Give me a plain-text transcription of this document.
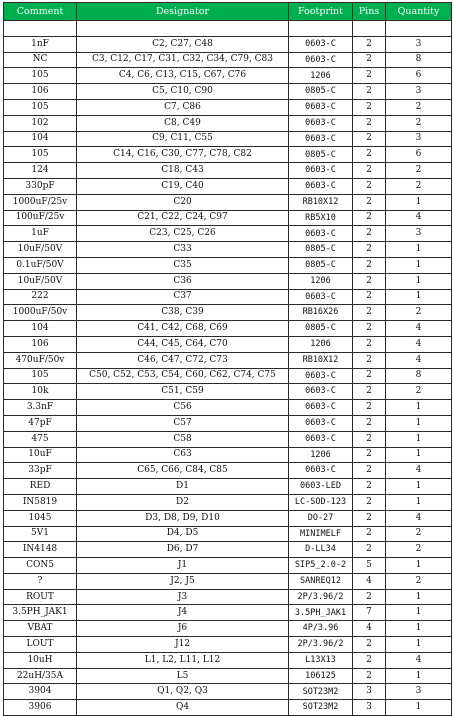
Comment	Designator	Footprint	Pins	Quantity

1nF	C2, C27, C48	0603-C	2	3
NC	C3, C12, C17, C31, C32, C34, C79, C83	0603-C	2	8
105	C4, C6, C13, C15, C67, C76	1206	2	6
106	C5, C10, C90	0805-C	2	3
105	C7, C86	0603-C	2	2
102	C8, C49	0603-C	2	2
104	C9, C11, C55	0603-C	2	3
105	C14, C16, C30, C77, C78, C82	0805-C	2	6
124	C18, C43	0603-C	2	2
330pF	C19, C40	0603-C	2	2
1000uF/25v	C20	RB10X12	2	1
100uF/25v	C21, C22, C24, C97	RB5X10	2	4
1uF	C23, C25, C26	0603-C	2	3
10uF/50V	C33	0805-C	2	1
0.1uF/50V	C35	0805-C	2	1
10uF/50V	C36	1206	2	1
222	C37	0603-C	2	1
1000uF/50v	C38, C39	RB16X26	2	2
104	C41, C42, C68, C69	0805-C	2	4
106	C44, C45, C64, C70	1206	2	4
470uF/50v	C46, C47, C72, C73	RB10X12	2	4
105	C50, C52, C53, C54, C60, C62, C74, C75	0603-C	2	8
10k	C51, C59	0603-C	2	2
3.3nF	C56	0603-C	2	1
47pF	C57	0603-C	2	1
475	C58	0603-C	2	1
10uF	C63	1206	2	1
33pF	C65, C66, C84, C85	0603-C	2	4
RED	D1	0603-LED	2	1
IN5819	D2	LC-SOD-123	2	1
1045	D3, D8, D9, D10	DO-27	2	4
5V1	D4, D5	MINIMELF	2	2
IN4148	D6, D7	D-LL34	2	2
CON5	J1	SIP5_2.0-2	5	1
?	J2, J5	SANREQ12	4	2
ROUT	J3	2P/3.96/2	2	1
3.5PH_JAK1	J4	3.5PH_JAK1	7	1
VBAT	J6	4P/3.96	4	1
LOUT	J12	2P/3.96/2	2	1
10uH	L1, L2, L11, L12	L13X13	2	4
22uH/35A	L5	106125	2	1
3904	Q1, Q2, Q3	SOT23M2	3	3
3906	Q4	SOT23M2	3	1
